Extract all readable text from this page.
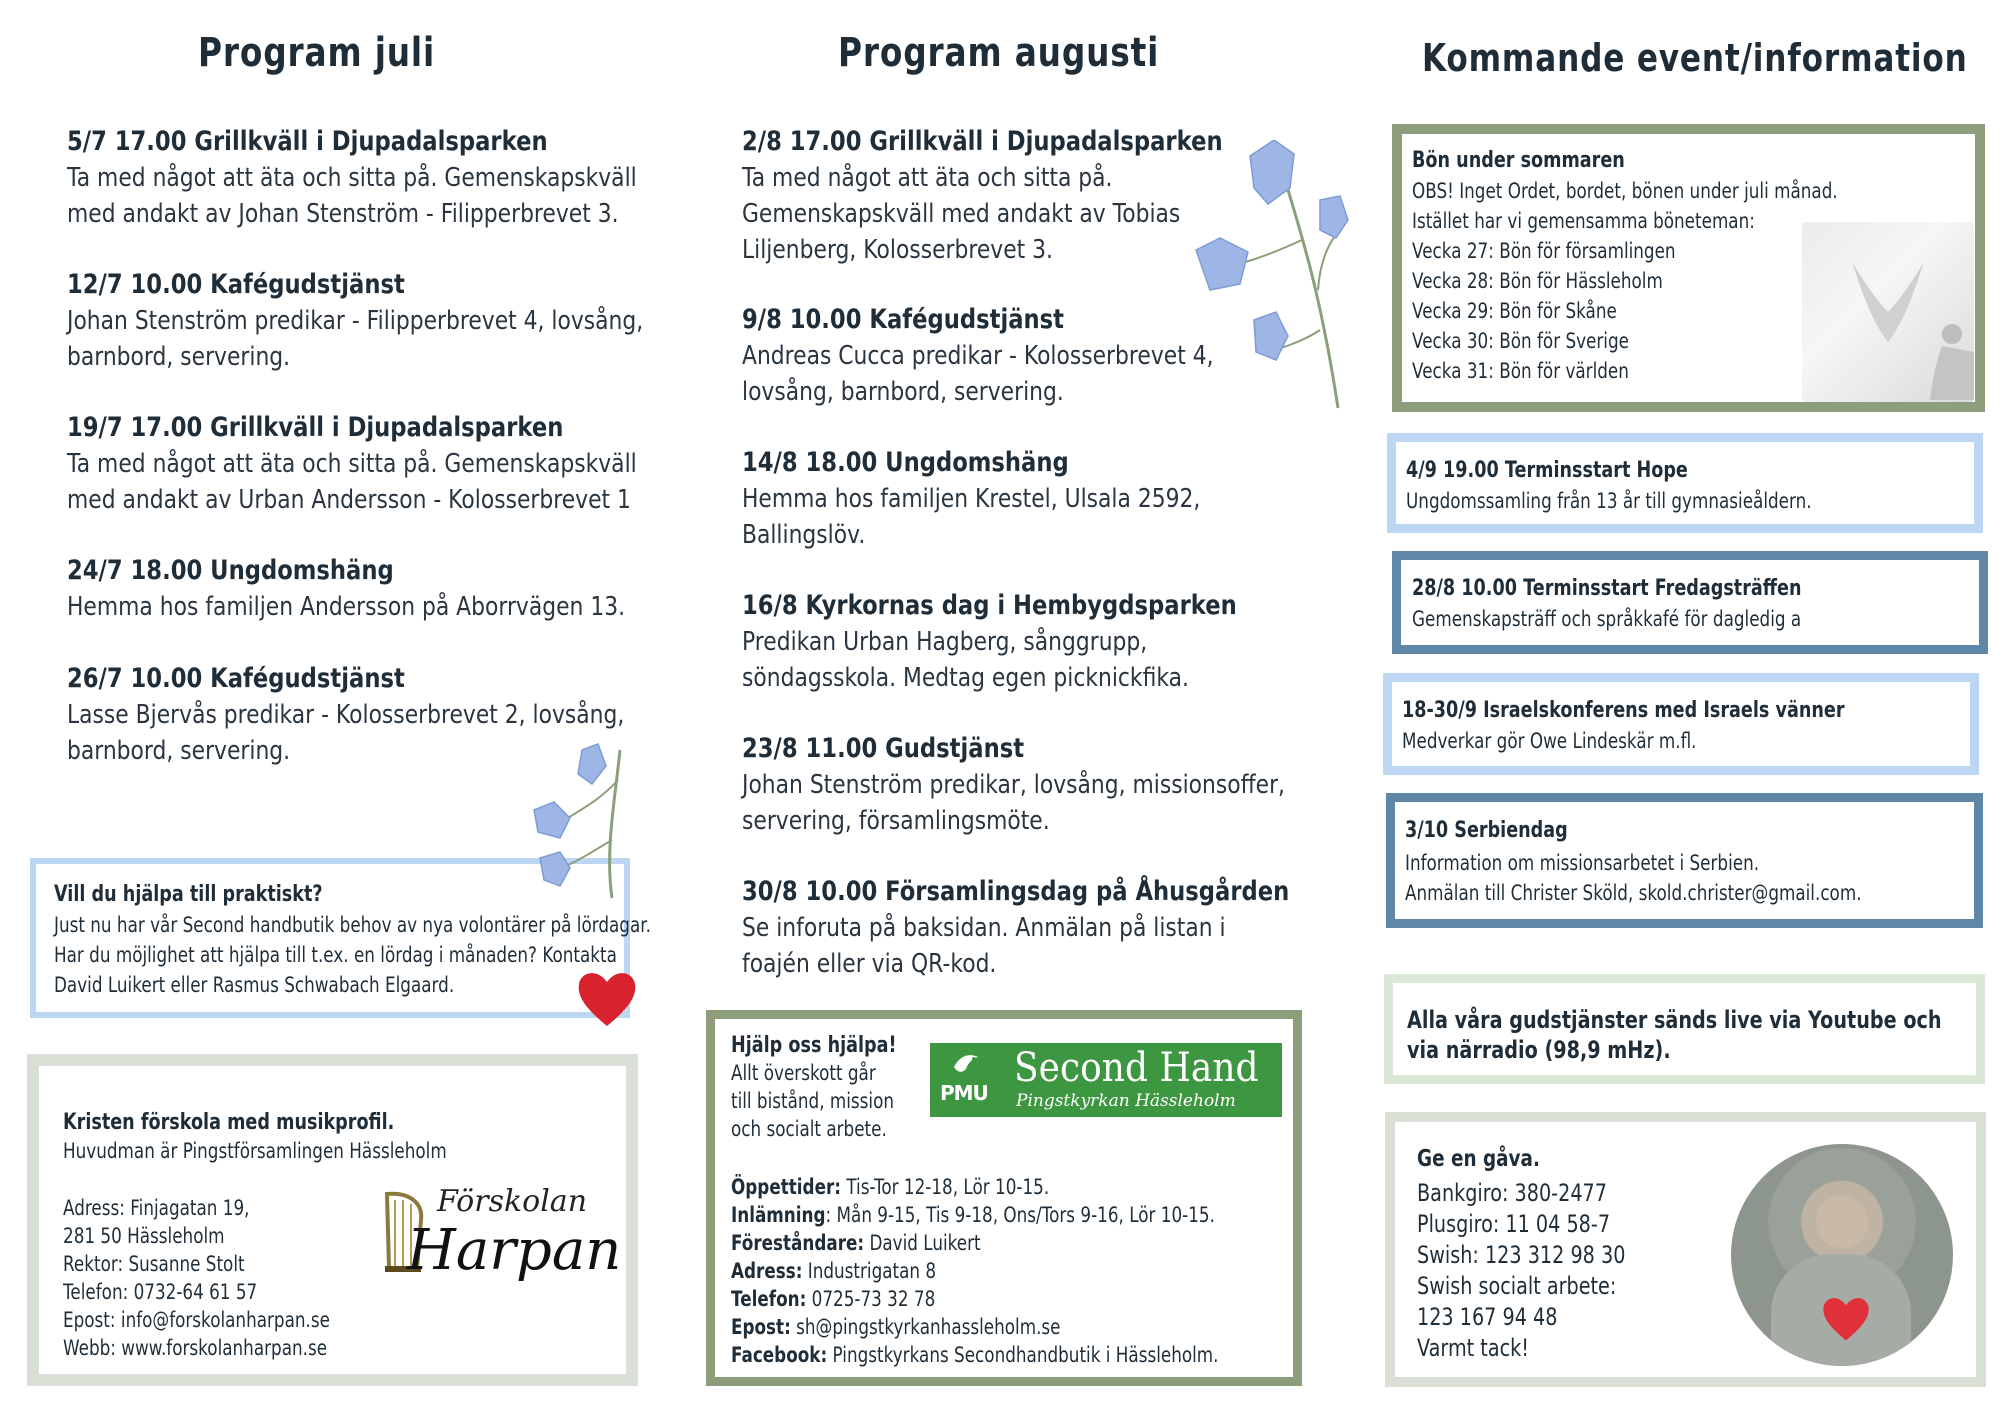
Program juli
5/7 17.00 Grillkväll i Djupadalsparken
Ta med något att äta och sitta på. Gemenskapskväll
med andakt av Johan Stenström - Filipperbrevet 3.
12/7 10.00 Kafégudstjänst
Johan Stenström predikar - Filipperbrevet 4, lovsång,
barnbord, servering.
19/7 17.00 Grillkväll i Djupadalsparken
Ta med något att äta och sitta på. Gemenskapskväll
med andakt av Urban Andersson - Kolosserbrevet 1
24/7 18.00 Ungdomshäng
Hemma hos familjen Andersson på Aborrvägen 13.
26/7 10.00 Kafégudstjänst
Lasse Bjervås predikar - Kolosserbrevet 2, lovsång,
barnbord, servering.
Vill du hjälpa till praktiskt?
Just nu har vår Second handbutik behov av nya volontärer på lördagar.
Har du möjlighet att hjälpa till t.ex. en lördag i månaden? Kontakta
David Luikert eller Rasmus Schwabach Elgaard.
Kristen förskola med musikprofil.
Huvudman är Pingstförsamlingen Hässleholm
Adress: Finjagatan 19,
281 50 Hässleholm
Rektor: Susanne Stolt
Telefon: 0732-64 61 57
Epost: info@forskolanharpan.se
Webb: www.forskolanharpan.se
Förskolan
Harpan
Program augusti
2/8 17.00 Grillkväll i Djupadalsparken
Ta med något att äta och sitta på.
Gemenskapskväll med andakt av Tobias
Liljenberg, Kolosserbrevet 3.
9/8 10.00 Kafégudstjänst
Andreas Cucca predikar - Kolosserbrevet 4,
lovsång, barnbord, servering.
14/8 18.00 Ungdomshäng
Hemma hos familjen Krestel, Ulsala 2592,
Ballingslöv.
16/8 Kyrkornas dag i Hembygdsparken
Predikan Urban Hagberg, sånggrupp,
söndagsskola. Medtag egen picknickfika.
23/8 11.00 Gudstjänst
Johan Stenström predikar, lovsång, missionsoffer,
servering, församlingsmöte.
30/8 10.00 Församlingsdag på Åhusgården
Se inforuta på baksidan. Anmälan på listan i
foajén eller via QR-kod.
Hjälp oss hjälpa!
Allt överskott går
till bistånd, mission
och socialt arbete.
PMU
Second Hand
Pingstkyrkan Hässleholm
Öppettider: Tis-Tor 12-18, Lör 10-15.
Inlämning: Mån 9-15, Tis 9-18, Ons/Tors 9-16, Lör 10-15.
Föreståndare: David Luikert
Adress: Industrigatan 8
Telefon: 0725-73 32 78
Epost: sh@pingstkyrkanhassleholm.se
Facebook: Pingstkyrkans Secondhandbutik i Hässleholm.
Kommande event/information
Bön under sommaren
OBS! Inget Ordet, bordet, bönen under juli månad.
Istället har vi gemensamma böneteman:
Vecka 27: Bön för församlingen
Vecka 28: Bön för Hässleholm
Vecka 29: Bön för Skåne
Vecka 30: Bön för Sverige
Vecka 31: Bön för världen
4/9 19.00 Terminsstart Hope
Ungdomssamling från 13 år till gymnasieåldern.
28/8 10.00 Terminsstart Fredagsträffen
Gemenskapsträff och språkkafé för dagledig a
18-30/9 Israelskonferens med Israels vänner
Medverkar gör Owe Lindeskär m.fl.
3/10 Serbiendag
Information om missionsarbetet i Serbien.
Anmälan till Christer Sköld, skold.christer@gmail.com.
Alla våra gudstjänster sänds live via Youtube och
via närradio (98,9 mHz).
Ge en gåva.
Bankgiro: 380-2477
Plusgiro: 11 04 58-7
Swish: 123 312 98 30
Swish socialt arbete:
123 167 94 48
Varmt tack!
